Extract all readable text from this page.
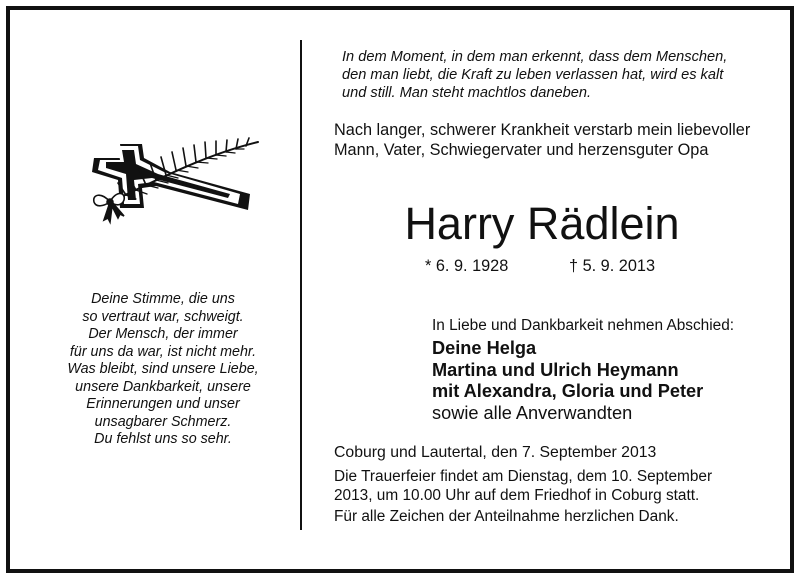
Deine Stimme, die uns
so vertraut war, schweigt.
Der Mensch, der immer
für uns da war, ist nicht mehr.
Was bleibt, sind unsere Liebe,
unsere Dankbarkeit, unsere
Erinnerungen und unser
unsagbarer Schmerz.
Du fehlst uns so sehr.
In dem Moment, in dem man erkennt, dass dem Menschen,
den man liebt, die Kraft zu leben verlassen hat, wird es kalt
und still. Man steht machtlos daneben.
Nach langer, schwerer Krankheit verstarb mein liebevoller
Mann, Vater, Schwiegervater und herzensguter Opa
Harry Rädlein
* 6. 9. 1928	† 5. 9. 2013
In Liebe und Dankbarkeit nehmen Abschied:
Deine Helga
Martina und Ulrich Heymann
mit Alexandra, Gloria und Peter
sowie alle Anverwandten
Coburg und Lautertal, den 7. September 2013
Die Trauerfeier findet am Dienstag, dem 10. September
2013, um 10.00 Uhr auf dem Friedhof in Coburg statt.
Für alle Zeichen der Anteilnahme herzlichen Dank.
